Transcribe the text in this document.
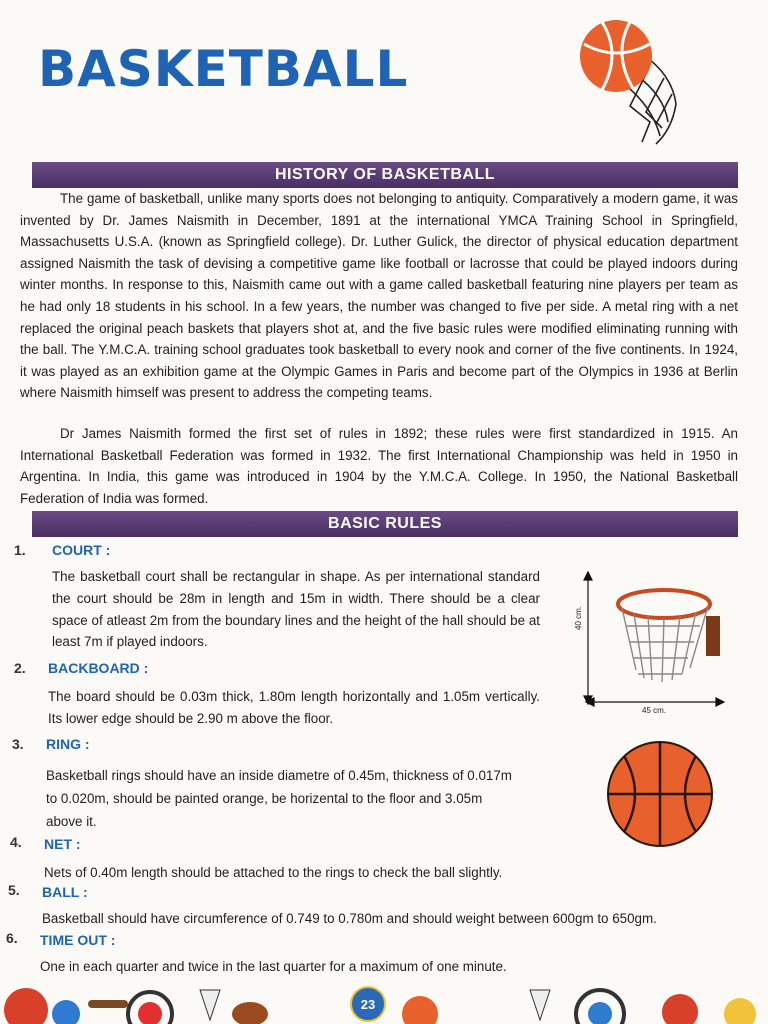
BASKETBALL
HISTORY OF BASKETBALL

The game of basketball, unlike many sports does not belonging to antiquity. Comparatively a modern game, it was invented by Dr. James Naismith in December, 1891 at the international YMCA Training School in Springfield, Massachusetts U.S.A. (known as Springfield college). Dr. Luther Gulick, the director of physical education department assigned Naismith the task of devising a competitive game like football or lacrosse that could be played indoors during winter months. In response to this, Naismith came out with a game called basketball featuring nine players per team as he had only 18 students in his school. In a few years, the number was changed to five per side. A metal ring with a net replaced the original peach baskets that players shot at, and the five basic rules were modified eliminating running with the ball. The Y.M.C.A. training school graduates took basketball to every nook and corner of the five continents. In 1924, it was played as an exhibition game at the Olympic Games in Paris and become part of the Olympics in 1936 at Berlin where Naismith himself was present to address the competing teams.

Dr James Naismith formed the first set of rules in 1892; these rules were first standardized in 1915. An International Basketball Federation was formed in 1932. The first International Championship was held in 1950 in Argentina. In India, this game was introduced in 1904 by the Y.M.C.A. College. In 1950, the National Basketball Federation of India was formed.

BASIC RULES
1. COURT :

The basketball court shall be rectangular in shape. As per international standard the court should be 28m in length and 15m in width. There should be a clear space of atleast 2m from the boundary lines and the height of the hall should be at least 7m if played indoors.

2. BACKBOARD :

The board should be 0.03m thick, 1.80m length horizontally and 1.05m vertically. Its lower edge should be 2.90 m above the floor.

3. RING :

Basketball rings should have an inside diametre of 0.45m, thickness of 0.017m to 0.020m, should be painted orange, be horizental to the floor and 3.05m above it.

4. NET :

Nets of 0.40m length should be attached to the rings to check the ball slightly.

5. BALL :

Basketball should have circumference of 0.749 to 0.780m and should weight between 600gm to 650gm.

6. TIME OUT :

One in each quarter and twice in the last quarter for a maximum of one minute.

40 cm.
45 cm.
23
